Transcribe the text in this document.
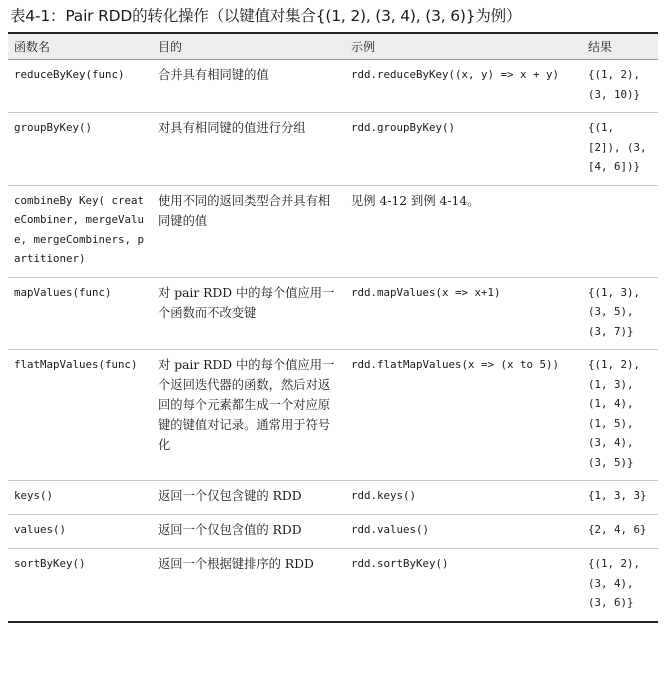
表4-1：Pair RDD的转化操作（以键值对集合{(1, 2), (3, 4), (3, 6)}为例）
函数名	目的	示例	结果
reduceByKey(func)	合并具有相同键的值	rdd.reduceByKey((x, y) => x + y)	{(1, 2), (3, 10)}
groupByKey()	对具有相同键的值进行分组	rdd.groupByKey()	{(1, [2]), (3, [4, 6])}
combineBy Key( createCombiner, mergeValue, mergeCombiners, partitioner)	使用不同的返回类型合并具有相同键的值	见例 4-12 到例 4-14。	
mapValues(func)	对 pair RDD 中的每个值应用一个函数而不改变键	rdd.mapValues(x => x+1)	{(1, 3), (3, 5), (3, 7)}
flatMapValues(func)	对 pair RDD 中的每个值应用一个返回迭代器的函数，然后对返回的每个元素都生成一个对应原键的键值对记录。通常用于符号化	rdd.flatMapValues(x => (x to 5))	{(1, 2), (1, 3), (1, 4), (1, 5), (3, 4), (3, 5)}
keys()	返回一个仅包含键的 RDD	rdd.keys()	{1, 3, 3}
values()	返回一个仅包含值的 RDD	rdd.values()	{2, 4, 6}
sortByKey()	返回一个根据键排序的 RDD	rdd.sortByKey()	{(1, 2), (3, 4), (3, 6)}
